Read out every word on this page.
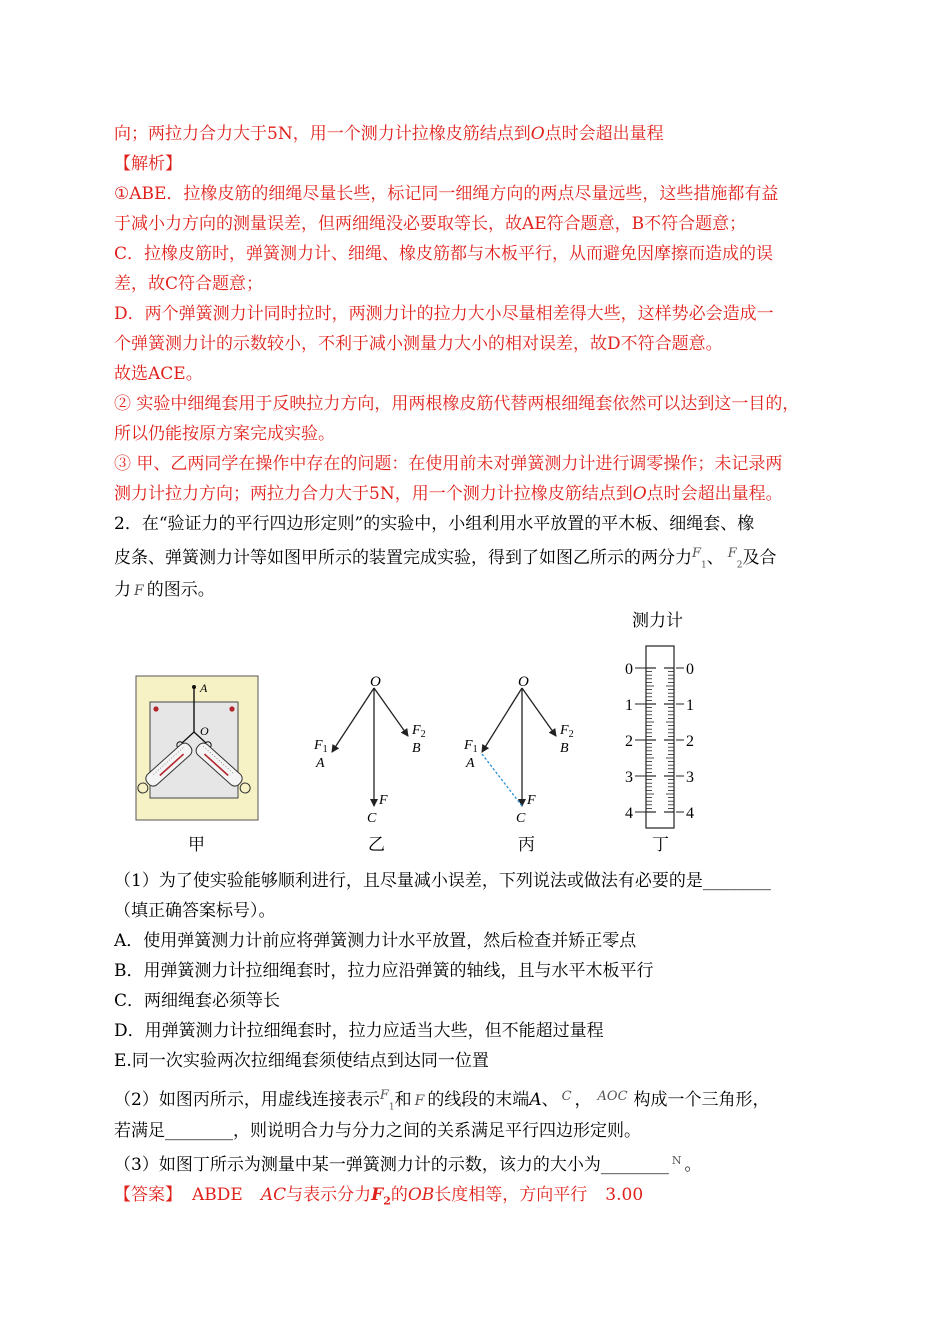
向；两拉力合力大于5N，用一个测力计拉橡皮筋结点到O点时会超出量程
【解析】
①ABE．拉橡皮筋的细绳尽量长些，标记同一细绳方向的两点尽量远些，这些措施都有益
于减小力方向的测量误差，但两细绳没必要取等长，故AE符合题意，B不符合题意；
C．拉橡皮筋时，弹簧测力计、细绳、橡皮筋都与木板平行，从而避免因摩擦而造成的误
差，故C符合题意；
D．两个弹簧测力计同时拉时，两测力计的拉力大小尽量相差得大些，这样势必会造成一
个弹簧测力计的示数较小，不利于减小测量力大小的相对误差，故D不符合题意。
故选ACE。
② 实验中细绳套用于反映拉力方向，用两根橡皮筋代替两根细绳套依然可以达到这一目的，
所以仍能按原方案完成实验。
③ 甲、乙两同学在操作中存在的问题：在使用前未对弹簧测力计进行调零操作；未记录两
测力计拉力方向；两拉力合力大于5N，用一个测力计拉橡皮筋结点到O点时会超出量程。
2．在“验证力的平行四边形定则”的实验中，小组利用水平放置的平木板、细绳套、橡
皮条、弹簧测力计等如图甲所示的装置完成实验，得到了如图乙所示的两分力$^F_1$、 $^F_2$及合
力 F 的图示。
A
O
甲
O
$F_1$
A
$F_2$
B
F
C
乙
O
$F_1$
A
$F_2$
B
F
C
丙
测力计
0	0
1	1
2	2
3	3
4	4
丁
（1）为了使实验能够顺利进行，且尽量减小误差，下列说法或做法有必要的是________
（填正确答案标号）。
A．使用弹簧测力计前应将弹簧测力计水平放置，然后检查并矫正零点
B．用弹簧测力计拉细绳套时，拉力应沿弹簧的轴线，且与水平木板平行
C．两细绳套必须等长
D．用弹簧测力计拉细绳套时，拉力应适当大些，但不能超过量程
E.同一次实验两次拉细绳套须使结点到达同一位置
（2）如图丙所示，用虚线连接表示$^F_1$和 F 的线段的末端A、 $^C$ ， $^{AOC}$ 构成一个三角形，
若满足________，则说明合力与分力之间的关系满足平行四边形定则。
（3）如图丁所示为测量中某一弹簧测力计的示数，该力的大小为________ $^N$ 。
【答案】 ABDE AC与表示分力$F_2$的OB长度相等，方向平行 3.00
